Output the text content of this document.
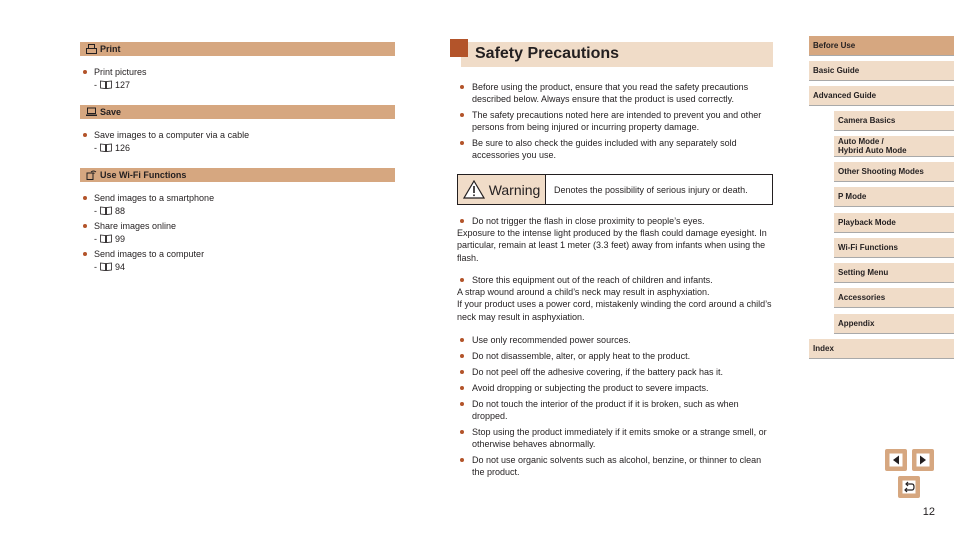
Print
Print pictures
- 127
Save
Save images to a computer via a cable
- 126
Use Wi-Fi Functions
Send images to a smartphone
- 88
Share images online
- 99
Send images to a computer
- 94
Safety Precautions
Before using the product, ensure that you read the safety precautions described below. Always ensure that the product is used correctly.
The safety precautions noted here are intended to prevent you and other persons from being injured or incurring property damage.
Be sure to also check the guides included with any separately sold accessories you use.
Warning	Denotes the possibility of serious injury or death.
Do not trigger the flash in close proximity to people’s eyes.
Exposure to the intense light produced by the flash could damage eyesight. In particular, remain at least 1 meter (3.3 feet) away from infants when using the flash.
Store this equipment out of the reach of children and infants.
A strap wound around a child’s neck may result in asphyxiation.
If your product uses a power cord, mistakenly winding the cord around a child’s neck may result in asphyxiation.
Use only recommended power sources.
Do not disassemble, alter, or apply heat to the product.
Do not peel off the adhesive covering, if the battery pack has it.
Avoid dropping or subjecting the product to severe impacts.
Do not touch the interior of the product if it is broken, such as when dropped.
Stop using the product immediately if it emits smoke or a strange smell, or otherwise behaves abnormally.
Do not use organic solvents such as alcohol, benzine, or thinner to clean the product.
Before Use
Basic Guide
Advanced Guide
Camera Basics
Auto Mode /
Hybrid Auto Mode
Other Shooting Modes
P Mode
Playback Mode
Wi-Fi Functions
Setting Menu
Accessories
Appendix
Index
12
